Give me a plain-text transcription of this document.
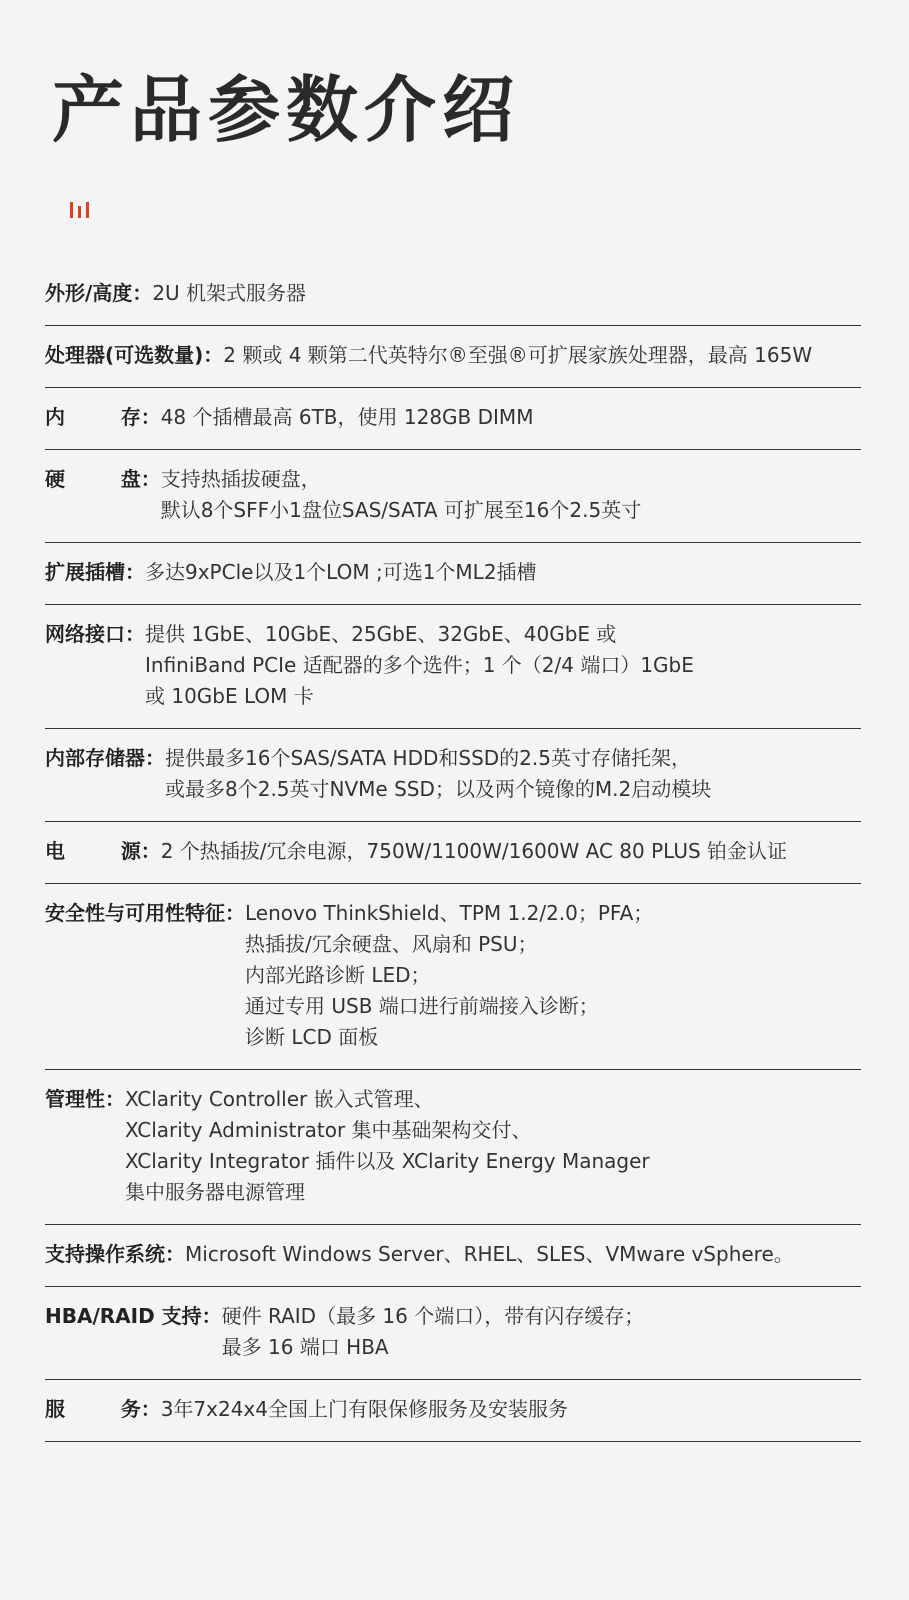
产品参数介绍
外形/高度： 2U 机架式服务器
处理器(可选数量)： 2 颗或 4 颗第二代英特尔®至强®可扩展家族处理器，最高 165W
内        存： 48 个插槽最高 6TB，使用 128GB DIMM
硬        盘： 支持热插拔硬盘，
默认8个SFF小1盘位SAS/SATA 可扩展至16个2.5英寸
扩展插槽： 多达9xPCle以及1个LOM ;可选1个ML2插槽
网络接口： 提供 1GbE、10GbE、25GbE、32GbE、40GbE 或
InfiniBand PCIe 适配器的多个选件；1 个（2/4 端口）1GbE
或 10GbE LOM 卡
内部存储器： 提供最多16个SAS/SATA HDD和SSD的2.5英寸存储托架，
或最多8个2.5英寸NVMe SSD；以及两个镜像的M.2启动模块
电        源： 2 个热插拔/冗余电源，750W/1100W/1600W AC 80 PLUS 铂金认证
安全性与可用性特征： Lenovo ThinkShield、TPM 1.2/2.0；PFA；
热插拔/冗余硬盘、风扇和 PSU；
内部光路诊断 LED；
通过专用 USB 端口进行前端接入诊断；
诊断 LCD 面板
管理性： XClarity Controller 嵌入式管理、
XClarity Administrator 集中基础架构交付、
XClarity Integrator 插件以及 XClarity Energy Manager
集中服务器电源管理
支持操作系统： Microsoft Windows Server、RHEL、SLES、VMware vSphere。
HBA/RAID 支持： 硬件 RAID（最多 16 个端口），带有闪存缓存；
最多 16 端口 HBA
服        务： 3年7x24x4全国上门有限保修服务及安装服务
